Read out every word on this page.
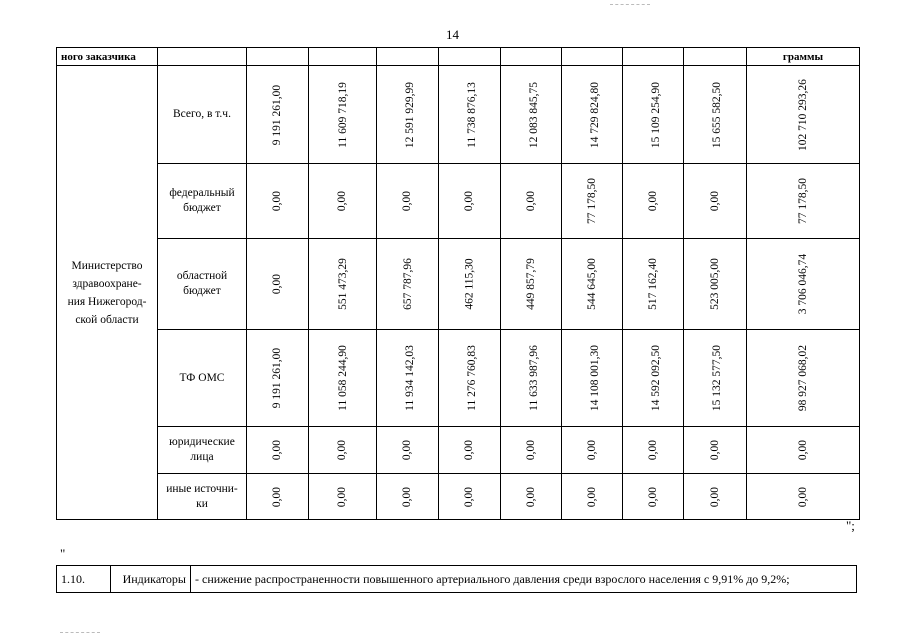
14
ного заказчика										граммы

Министерство
здравоохране-
ния Нижегород-
ской области	Всего, в т.ч.	9 191 261,00	11 609 718,19	12 591 929,99	11 738 876,13	12 083 845,75	14 729 824,80	15 109 254,90	15 655 582,50	102 710 293,26

	федеральный
бюджет	0,00	0,00	0,00	0,00	0,00	77 178,50	0,00	0,00	77 178,50

	областной
бюджет	0,00	551 473,29	657 787,96	462 115,30	449 857,79	544 645,00	517 162,40	523 005,00	3 706 046,74

	ТФ ОМС	9 191 261,00	11 058 244,90	11 934 142,03	11 276 760,83	11 633 987,96	14 108 001,30	14 592 092,50	15 132 577,50	98 927 068,02

	юридические
лица	0,00	0,00	0,00	0,00	0,00	0,00	0,00	0,00	0,00

	иные источни-
ки	0,00	0,00	0,00	0,00	0,00	0,00	0,00	0,00	0,00
";
"
1.10.	Индикаторы	- снижение распространенности повышенного артериального давления среди взрослого населения с 9,91% до 9,2%;
